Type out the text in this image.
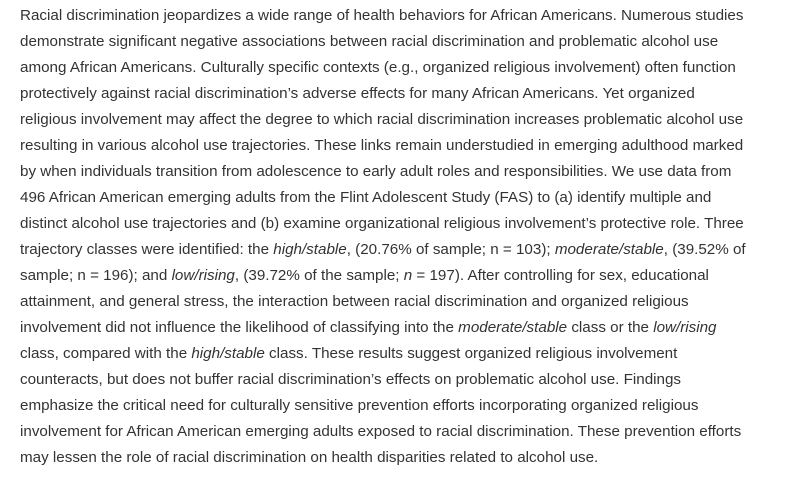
Racial discrimination jeopardizes a wide range of health behaviors for African Americans. Numerous studies
demonstrate significant negative associations between racial discrimination and problematic alcohol use
among African Americans. Culturally specific contexts (e.g., organized religious involvement) often function
protectively against racial discrimination’s adverse effects for many African Americans. Yet organized
religious involvement may affect the degree to which racial discrimination increases problematic alcohol use
resulting in various alcohol use trajectories. These links remain understudied in emerging adulthood marked
by when individuals transition from adolescence to early adult roles and responsibilities. We use data from
496 African American emerging adults from the Flint Adolescent Study (FAS) to (a) identify multiple and
distinct alcohol use trajectories and (b) examine organizational religious involvement’s protective role. Three
trajectory classes were identified: the high/stable, (20.76% of sample; n = 103); moderate/stable, (39.52% of
sample; n = 196); and low/rising, (39.72% of the sample; n = 197). After controlling for sex, educational
attainment, and general stress, the interaction between racial discrimination and organized religious
involvement did not influence the likelihood of classifying into the moderate/stable class or the low/rising
class, compared with the high/stable class. These results suggest organized religious involvement
counteracts, but does not buffer racial discrimination’s effects on problematic alcohol use. Findings
emphasize the critical need for culturally sensitive prevention efforts incorporating organized religious
involvement for African American emerging adults exposed to racial discrimination. These prevention efforts
may lessen the role of racial discrimination on health disparities related to alcohol use.
